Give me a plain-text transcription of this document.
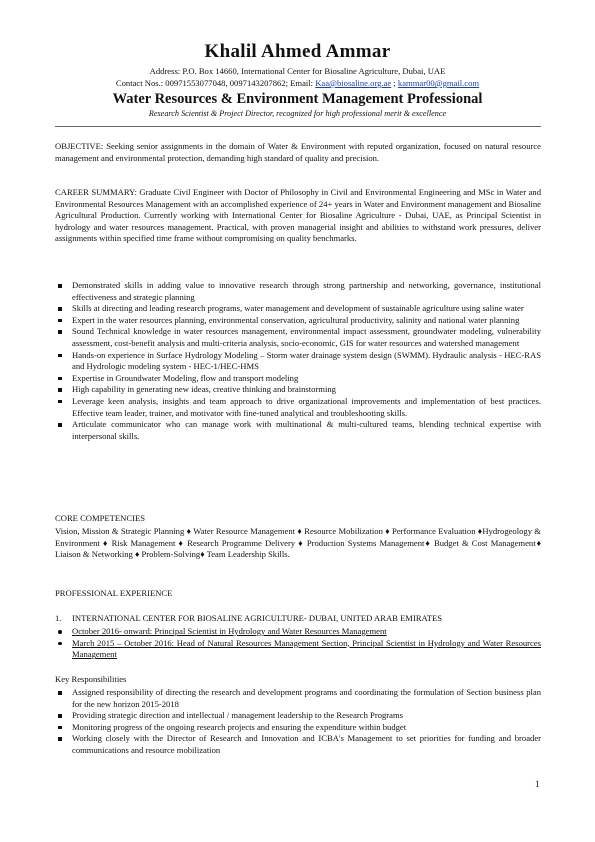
Khalil Ahmed Ammar
Address: P.O. Box 14660, International Center for Biosaline Agriculture, Dubai, UAE
Contact Nos.: 00971553077048, 0097143207862; Email: Kaa@biosaline.org.ae ; kammar00@gmail.com
Water Resources & Environment Management Professional
Research Scientist & Project Director, recognized for high professional merit & excellence
OBJECTIVE: Seeking senior assignments in the domain of Water & Environment with reputed organization, focused on natural resource management and environmental protection, demanding high standard of quality and precision.
CAREER SUMMARY: Graduate Civil Engineer with Doctor of Philosophy in Civil and Environmental Engineering and MSc in Water and Environmental Resources Management with an accomplished experience of 24+ years in Water and Environment management and Biosaline Agricultural Production. Currently working with International Center for Biosaline Agriculture - Dubai, UAE, as Principal Scientist in hydrology and water resources management. Practical, with proven managerial insight and abilities to withstand work pressures, deliver assignments within specified time frame without compromising on quality benchmarks.
Demonstrated skills in adding value to innovative research through strong partnership and networking, governance, institutional effectiveness and strategic planning
Skills at directing and leading research programs, water management and development of sustainable agriculture using saline water
Expert in the water resources planning, environmental conservation, agricultural productivity, salinity and national water planning
Sound Technical knowledge in water resources management, environmental impact assessment, groundwater modeling, vulnerability assessment, cost-benefit analysis and multi-criteria analysis, socio-economic, GIS for water resources and watershed management
Hands-on experience in Surface Hydrology Modeling – Storm water drainage system design (SWMM). Hydraulic analysis - HEC-RAS and Hydrologic modeling system - HEC-1/HEC-HMS
Expertise in Groundwater Modeling, flow and transport modeling
High capability in generating new ideas, creative thinking and brainstorming
Leverage keen analysis, insights and team approach to drive organizational improvements and implementation of best practices. Effective team leader, trainer, and motivator with fine-tuned analytical and troubleshooting skills.
Articulate communicator who can manage work with multinational & multi-cultured teams, blending technical expertise with interpersonal skills.
CORE COMPETENCIES
Vision, Mission & Strategic Planning ♦ Water Resource Management ♦ Resource Mobilization ♦ Performance Evaluation ♦Hydrogeology & Environment ♦ Risk Management ♦ Research Programme Delivery ♦ Production Systems Management♦ Budget & Cost Management♦ Liaison & Networking ♦ Problem-Solving♦ Team Leadership Skills.
PROFESSIONAL EXPERIENCE
1. INTERNATIONAL CENTER FOR BIOSALINE AGRICULTURE- DUBAI, UNITED ARAB EMIRATES
October 2016- onward: Principal Scientist in Hydrology and Water Resources Management
March 2015 – October 2016: Head of Natural Resources Management Section, Principal Scientist in Hydrology and Water Resources Management
Key Responsibilities
Assigned responsibility of directing the research and development programs and coordinating the formulation of Section business plan for the new horizon 2015-2018
Providing strategic direction and intellectual / management leadership to the Research Programs
Monitoring progress of the ongoing research projects and ensuring the expenditure within budget
Working closely with the Director of Research and Innovation and ICBA's Management to set priorities for funding and broader communications and resource mobilization
1
